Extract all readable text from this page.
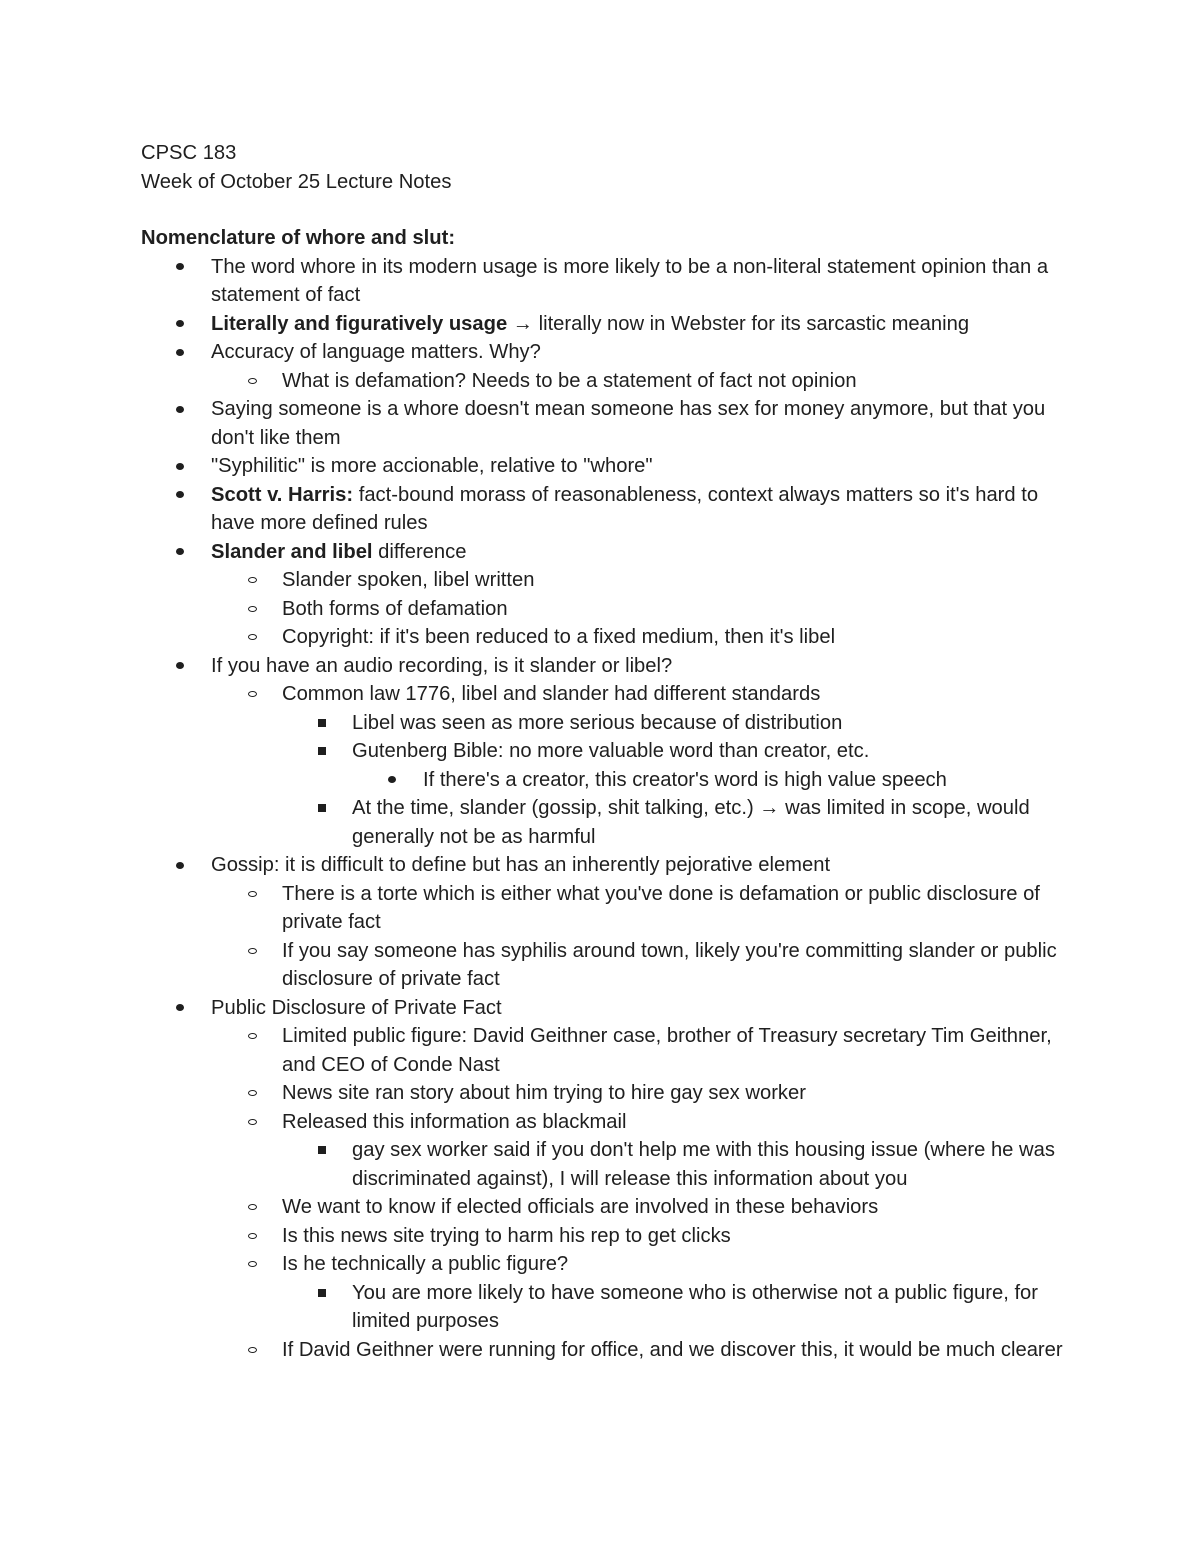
CPSC 183
Week of October 25 Lecture Notes
Nomenclature of whore and slut:
The word whore in its modern usage is more likely to be a non-literal statement opinion than a statement of fact
Literally and figuratively usage → literally now in Webster for its sarcastic meaning
Accuracy of language matters. Why?
What is defamation? Needs to be a statement of fact not opinion
Saying someone is a whore doesn't mean someone has sex for money anymore, but that you don't like them
"Syphilitic" is more accionable, relative to "whore"
Scott v. Harris: fact-bound morass of reasonableness, context always matters so it's hard to have more defined rules
Slander and libel difference
Slander spoken, libel written
Both forms of defamation
Copyright: if it's been reduced to a fixed medium, then it's libel
If you have an audio recording, is it slander or libel?
Common law 1776, libel and slander had different standards
Libel was seen as more serious because of distribution
Gutenberg Bible: no more valuable word than creator, etc.
If there's a creator, this creator's word is high value speech
At the time, slander (gossip, shit talking, etc.) → was limited in scope, would generally not be as harmful
Gossip: it is difficult to define but has an inherently pejorative element
There is a torte which is either what you've done is defamation or public disclosure of private fact
If you say someone has syphilis around town, likely you're committing slander or public disclosure of private fact
Public Disclosure of Private Fact
Limited public figure: David Geithner case, brother of Treasury secretary Tim Geithner, and CEO of Conde Nast
News site ran story about him trying to hire gay sex worker
Released this information as blackmail
gay sex worker said if you don't help me with this housing issue (where he was discriminated against), I will release this information about you
We want to know if elected officials are involved in these behaviors
Is this news site trying to harm his rep to get clicks
Is he technically a public figure?
You are more likely to have someone who is otherwise not a public figure, for limited purposes
If David Geithner were running for office, and we discover this, it would be much clearer
